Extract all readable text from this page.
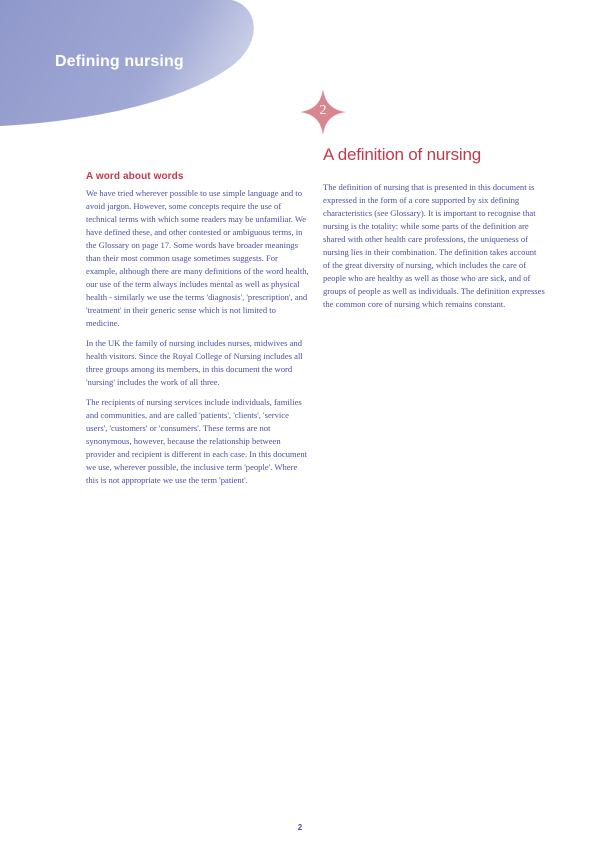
Defining nursing
2
A word about words

We have tried wherever possible to use simple language and to avoid jargon. However, some concepts require the use of technical terms with which some readers may be unfamiliar. We have defined these, and other contested or ambiguous terms, in the Glossary on page 17. Some words have broader meanings than their most common usage sometimes suggests. For example, although there are many definitions of the word health, our use of the term always includes mental as well as physical health - similarly we use the terms 'diagnosis', 'prescription', and 'treatment' in their generic sense which is not limited to medicine.

In the UK the family of nursing includes nurses, midwives and health visitors. Since the Royal College of Nursing includes all three groups among its members, in this document the word 'nursing' includes the work of all three.

The recipients of nursing services include individuals, families and communities, and are called 'patients', 'clients', 'service users', 'customers' or 'consumers'. These terms are not synonymous, however, because the relationship between provider and recipient is different in each case. In this document we use, wherever possible, the inclusive term 'people'. Where this is not appropriate we use the term 'patient'.

A definition of nursing

The definition of nursing that is presented in this document is expressed in the form of a core supported by six defining characteristics (see Glossary). It is important to recognise that nursing is the totality: while some parts of the definition are shared with other health care professions, the uniqueness of nursing lies in their combination. The definition takes account of the great diversity of nursing, which includes the care of people who are healthy as well as those who are sick, and of groups of people as well as individuals. The definition expresses the common core of nursing which remains constant.

2
